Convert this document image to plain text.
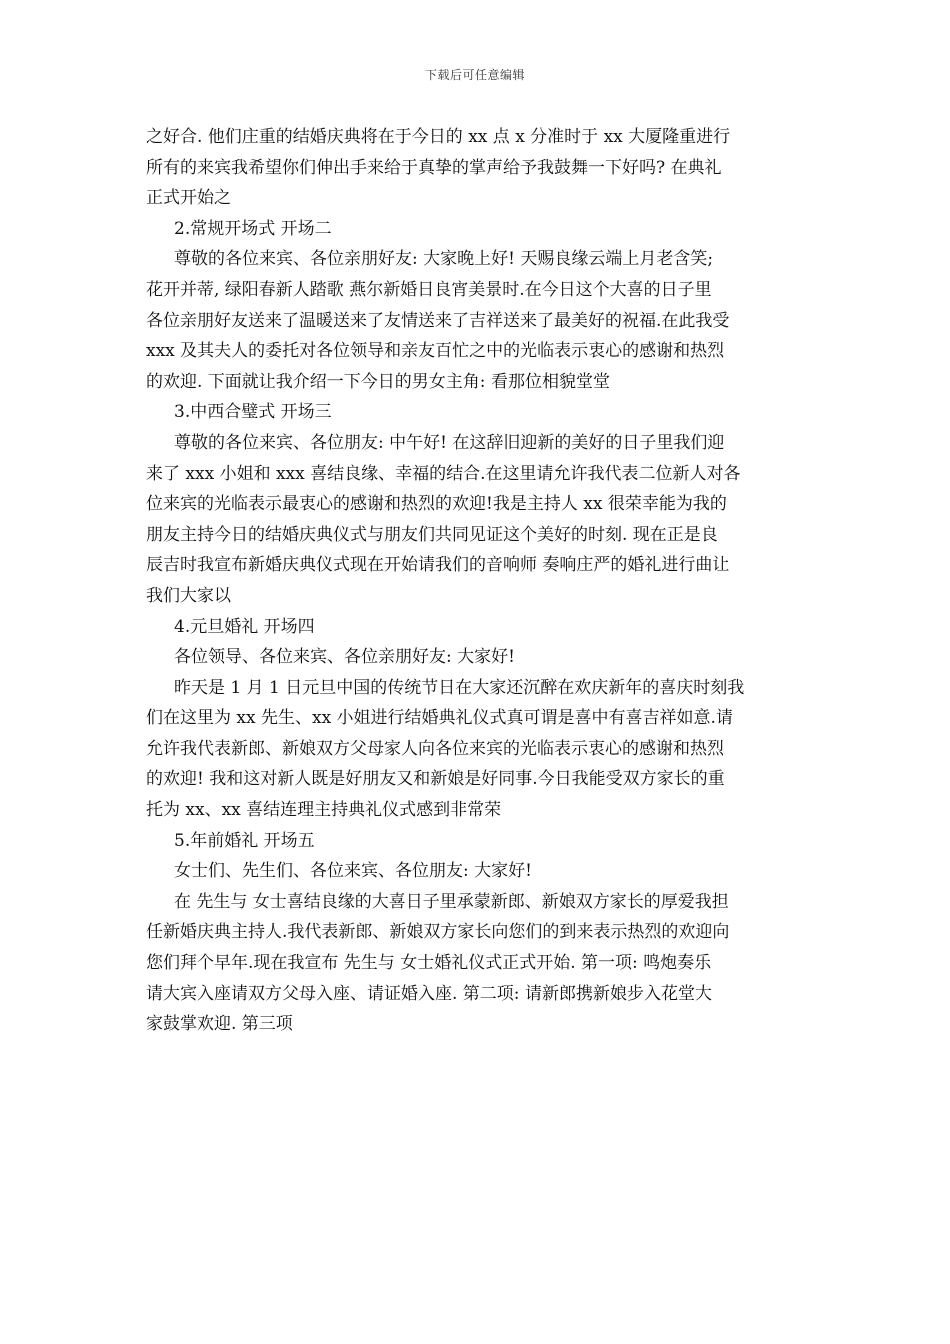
下载后可任意编辑
之好合. 他们庄重的结婚庆典将在于今日的 xx 点 x 分准时于 xx 大厦隆重进行
所有的来宾我希望你们伸出手来给于真挚的掌声给予我鼓舞一下好吗? 在典礼
正式开始之
2.常规开场式 开场二
尊敬的各位来宾、各位亲朋好友: 大家晚上好! 天赐良缘云端上月老含笑;
花开并蒂, 绿阳春新人踏歌 燕尔新婚日良宵美景时.在今日这个大喜的日子里
各位亲朋好友送来了温暖送来了友情送来了吉祥送来了最美好的祝福.在此我受
xxx 及其夫人的委托对各位领导和亲友百忙之中的光临表示衷心的感谢和热烈
的欢迎. 下面就让我介绍一下今日的男女主角: 看那位相貌堂堂
3.中西合璧式 开场三
尊敬的各位来宾、各位朋友: 中午好! 在这辞旧迎新的美好的日子里我们迎
来了 xxx 小姐和 xxx 喜结良缘、幸福的结合.在这里请允许我代表二位新人对各
位来宾的光临表示最衷心的感谢和热烈的欢迎!我是主持人 xx 很荣幸能为我的
朋友主持今日的结婚庆典仪式与朋友们共同见证这个美好的时刻. 现在正是良
辰吉时我宣布新婚庆典仪式现在开始请我们的音响师 奏响庄严的婚礼进行曲让
我们大家以
4.元旦婚礼 开场四
各位领导、各位来宾、各位亲朋好友: 大家好!
昨天是 1 月 1 日元旦中国的传统节日在大家还沉醉在欢庆新年的喜庆时刻我
们在这里为 xx 先生、xx 小姐进行结婚典礼仪式真可谓是喜中有喜吉祥如意.请
允许我代表新郎、新娘双方父母家人向各位来宾的光临表示衷心的感谢和热烈
的欢迎! 我和这对新人既是好朋友又和新娘是好同事.今日我能受双方家长的重
托为 xx、xx 喜结连理主持典礼仪式感到非常荣
5.年前婚礼 开场五
女士们、先生们、各位来宾、各位朋友: 大家好!
在 先生与 女士喜结良缘的大喜日子里承蒙新郎、新娘双方家长的厚爱我担
任新婚庆典主持人.我代表新郎、新娘双方家长向您们的到来表示热烈的欢迎向
您们拜个早年.现在我宣布 先生与 女士婚礼仪式正式开始. 第一项: 鸣炮奏乐
请大宾入座请双方父母入座、请证婚入座. 第二项: 请新郎携新娘步入花堂大
家鼓掌欢迎. 第三项
